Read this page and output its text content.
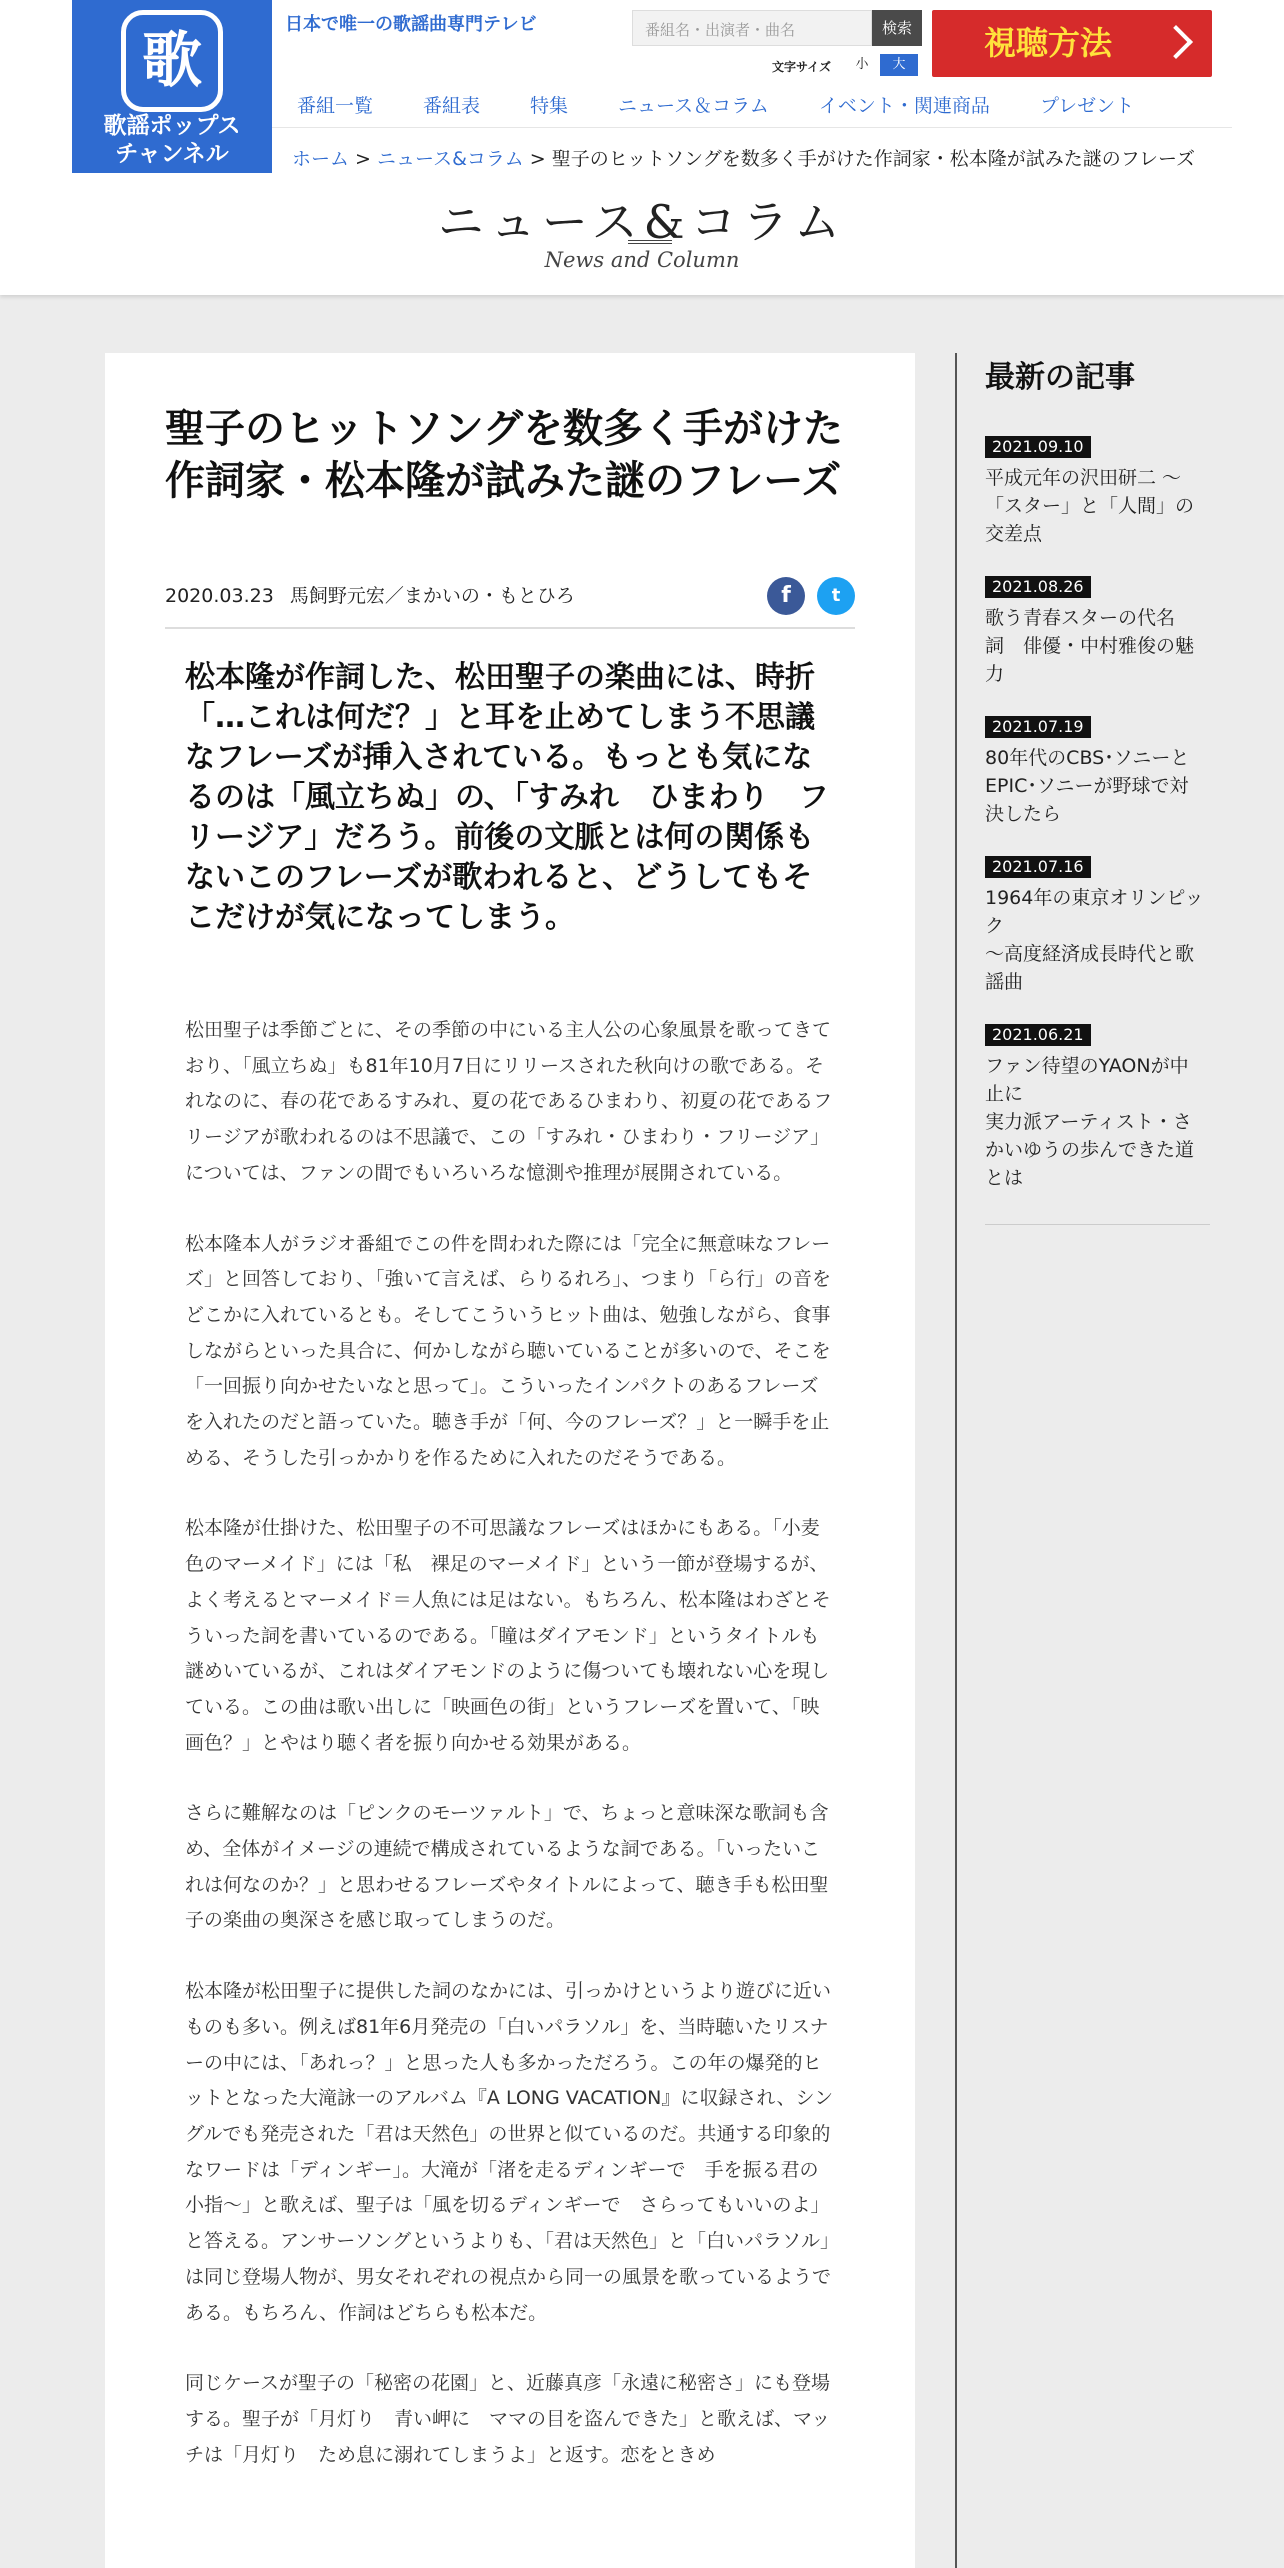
歌
歌謡ポップス
チャンネル
日本で唯一の歌謡曲専門テレビ	番組名・出演者・曲名	検索
文字サイズ	小	大
視聴方法
番組一覧	番組表	特集	ニュース＆コラム	イベント・関連商品	プレゼント
ホーム > ニュース&コラム > 聖子のヒットソングを数多く手がけた作詞家・松本隆が試みた謎のフレーズ
ニュース&コラム
News and Column
聖子のヒットソングを数多く手がけた作詞家・松本隆が試みた謎のフレーズ
2020.03.23 馬飼野元宏／まかいの・もとひろ	f	t
松本隆が作詞した、松田聖子の楽曲には、時折「…これは何だ？」と耳を止めてしまう不思議なフレーズが挿入されている。もっとも気になるのは「風立ちぬ」の、「すみれ　ひまわり　フリージア」だろう。前後の文脈とは何の関係もないこのフレーズが歌われると、どうしてもそこだけが気になってしまう。

松田聖子は季節ごとに、その季節の中にいる主人公の心象風景を歌ってきており、「風立ちぬ」も81年10月7日にリリースされた秋向けの歌である。それなのに、春の花であるすみれ、夏の花であるひまわり、初夏の花であるフリージアが歌われるのは不思議で、この「すみれ・ひまわり・フリージア」については、ファンの間でもいろいろな憶測や推理が展開されている。

松本隆本人がラジオ番組でこの件を問われた際には「完全に無意味なフレーズ」と回答しており、「強いて言えば、らりるれろ」、つまり「ら行」の音をどこかに入れているとも。そしてこういうヒット曲は、勉強しながら、食事しながらといった具合に、何かしながら聴いていることが多いので、そこを「一回振り向かせたいなと思って」。こういったインパクトのあるフレーズを入れたのだと語っていた。聴き手が「何、今のフレーズ？」と一瞬手を止める、そうした引っかかりを作るために入れたのだそうである。

松本隆が仕掛けた、松田聖子の不可思議なフレーズはほかにもある。「小麦色のマーメイド」には「私　裸足のマーメイド」という一節が登場するが、よく考えるとマーメイド＝人魚には足はない。もちろん、松本隆はわざとそういった詞を書いているのである。「瞳はダイアモンド」というタイトルも謎めいているが、これはダイアモンドのように傷ついても壊れない心を現している。この曲は歌い出しに「映画色の街」というフレーズを置いて、「映画色？」とやはり聴く者を振り向かせる効果がある。

さらに難解なのは「ピンクのモーツァルト」で、ちょっと意味深な歌詞も含め、全体がイメージの連続で構成されているような詞である。「いったいこれは何なのか？」と思わせるフレーズやタイトルによって、聴き手も松田聖子の楽曲の奥深さを感じ取ってしまうのだ。

松本隆が松田聖子に提供した詞のなかには、引っかけというより遊びに近いものも多い。例えば81年6月発売の「白いパラソル」を、当時聴いたリスナーの中には、「あれっ？」と思った人も多かっただろう。この年の爆発的ヒットとなった大滝詠一のアルバム『A LONG VACATION』に収録され、シングルでも発売された「君は天然色」の世界と似ているのだ。共通する印象的なワードは「ディンギー」。大滝が「渚を走るディンギーで　手を振る君の小指～」と歌えば、聖子は「風を切るディンギーで　さらってもいいのよ」と答える。アンサーソングというよりも、「君は天然色」と「白いパラソル」は同じ登場人物が、男女それぞれの視点から同一の風景を歌っているようである。もちろん、作詞はどちらも松本だ。

同じケースが聖子の「秘密の花園」と、近藤真彦「永遠に秘密さ」にも登場する。聖子が「月灯り　青い岬に　ママの目を盗んできた」と歌えば、マッチは「月灯り　ため息に溺れてしまうよ」と返す。恋をときめ

最新の記事
2021.09.10
平成元年の沢田研二 ～
「スター」と「人間」の
交差点
2021.08.26
歌う青春スターの代名
詞　俳優・中村雅俊の魅
力
2021.07.19
80年代のCBS･ソニーと
EPIC･ソニーが野球で対
決したら
2021.07.16
1964年の東京オリンピッ
ク
～高度経済成長時代と歌
謡曲
2021.06.21
ファン待望のYAONが中
止に
実力派アーティスト・さ
かいゆうの歩んできた道
とは
